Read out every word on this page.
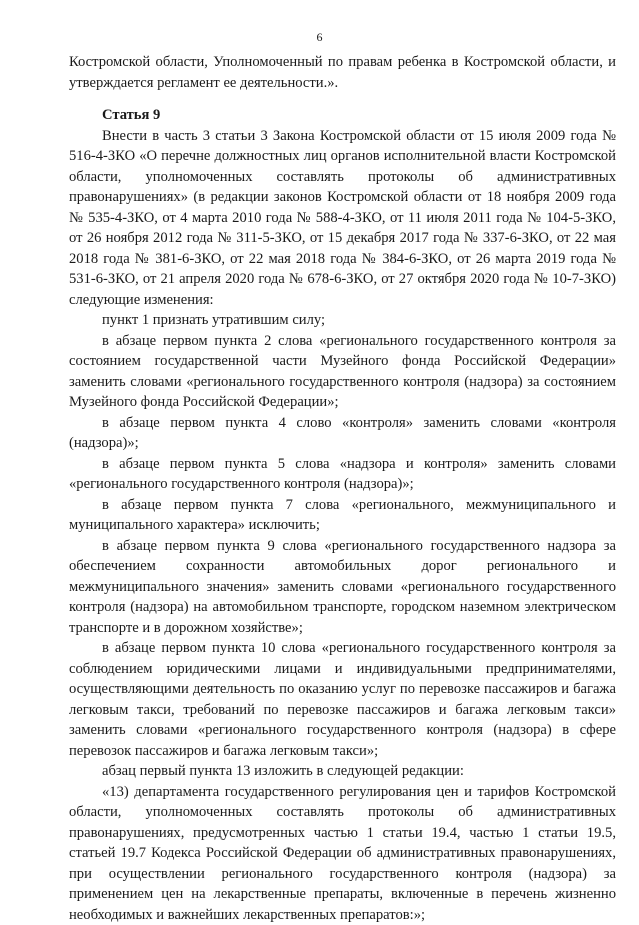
6

Костромской области, Уполномоченный по правам ребенка в Костромской области, и утверждается регламент ее деятельности.».

Статья 9

Внести в часть 3 статьи 3 Закона Костромской области от 15 июля 2009 года № 516-4-ЗКО «О перечне должностных лиц органов исполнительной власти Костромской области, уполномоченных составлять протоколы об административных правонарушениях» (в редакции законов Костромской области от 18 ноября 2009 года № 535-4-ЗКО, от 4 марта 2010 года № 588-4-ЗКО, от 11 июля 2011 года № 104-5-ЗКО, от 26 ноября 2012 года № 311-5-ЗКО, от 15 декабря 2017 года № 337-6-ЗКО, от 22 мая 2018 года № 381-6-ЗКО, от 22 мая 2018 года № 384-6-ЗКО, от 26 марта 2019 года № 531-6-ЗКО, от 21 апреля 2020 года № 678-6-ЗКО, от 27 октября 2020 года № 10-7-ЗКО) следующие изменения:

пункт 1 признать утратившим силу;

в абзаце первом пункта 2 слова «регионального государственного контроля за состоянием государственной части Музейного фонда Российской Федерации» заменить словами «регионального государственного контроля (надзора) за состоянием Музейного фонда Российской Федерации»;

в абзаце первом пункта 4 слово «контроля» заменить словами «контроля (надзора)»;

в абзаце первом пункта 5 слова «надзора и контроля» заменить словами «регионального государственного контроля (надзора)»;

в абзаце первом пункта 7 слова «регионального, межмуниципального и муниципального характера» исключить;

в абзаце первом пункта 9 слова «регионального государственного надзора за обеспечением сохранности автомобильных дорог регионального и межмуниципального значения» заменить словами «регионального государственного контроля (надзора) на автомобильном транспорте, городском наземном электрическом транспорте и в дорожном хозяйстве»;

в абзаце первом пункта 10 слова «регионального государственного контроля за соблюдением юридическими лицами и индивидуальными предпринимателями, осуществляющими деятельность по оказанию услуг по перевозке пассажиров и багажа легковым такси, требований по перевозке пассажиров и багажа легковым такси» заменить словами «регионального государственного контроля (надзора) в сфере перевозок пассажиров и багажа легковым такси»;

абзац первый пункта 13 изложить в следующей редакции:

«13) департамента государственного регулирования цен и тарифов Костромской области, уполномоченных составлять протоколы об административных правонарушениях, предусмотренных частью 1 статьи 19.4, частью 1 статьи 19.5, статьей 19.7 Кодекса Российской Федерации об административных правонарушениях, при осуществлении регионального государственного контроля (надзора) за применением цен на лекарственные препараты, включенные в перечень жизненно необходимых и важнейших лекарственных препаратов:»;
